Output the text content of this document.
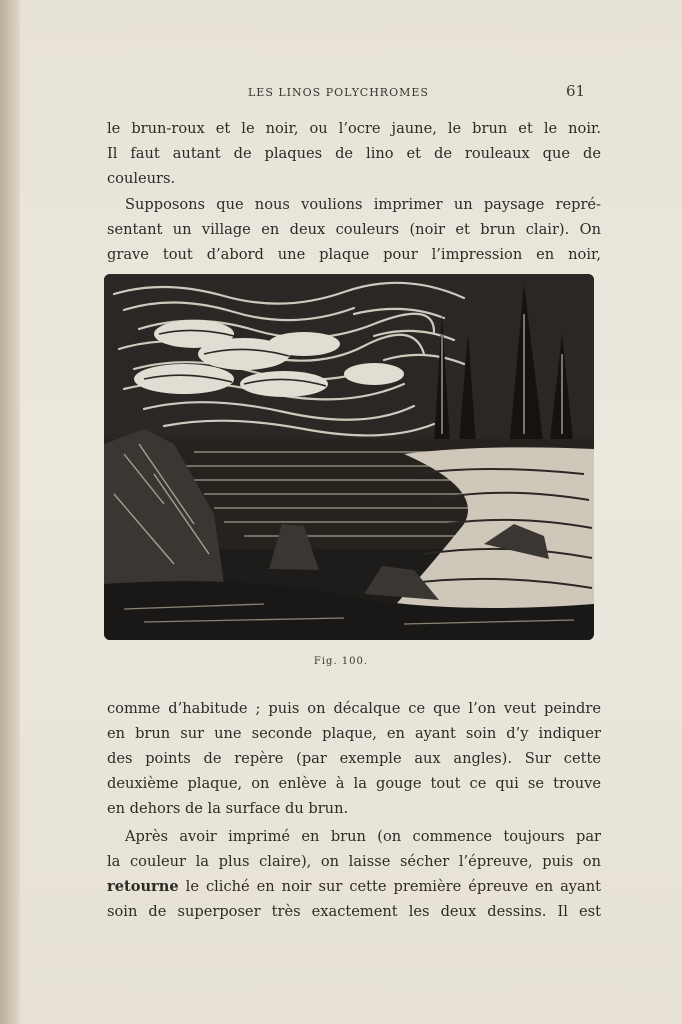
LES LINOS POLYCHROMES	61

le brun-roux et le noir, ou l’ocre jaune, le brun et le noir.
Il faut autant de plaques de lino et de rouleaux que de
couleurs.

Supposons que nous voulions imprimer un paysage repré-
sentant un village en deux couleurs (noir et brun clair). On
grave tout d’abord une plaque pour l’impression en noir,

Fig. 100.

comme d’habitude ; puis on décalque ce que l’on veut peindre
en brun sur une seconde plaque, en ayant soin d’y indiquer
des points de repère (par exemple aux angles). Sur cette
deuxième plaque, on enlève à la gouge tout ce qui se trouve
en dehors de la surface du brun.

Après avoir imprimé en brun (on commence toujours par
la couleur la plus claire), on laisse sécher l’épreuve, puis on
retourne le cliché en noir sur cette première épreuve en ayant
soin de superposer très exactement les deux dessins. Il est
